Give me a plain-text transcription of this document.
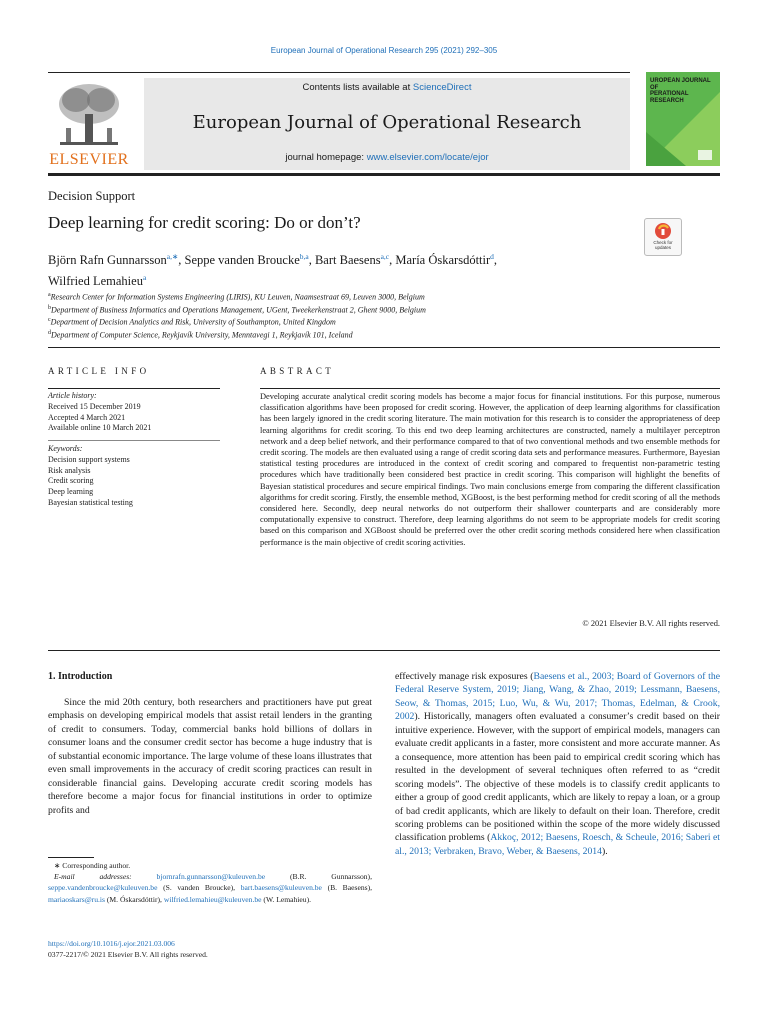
European Journal of Operational Research 295 (2021) 292–305
ELSEVIER
Contents lists available at ScienceDirect
European Journal of Operational Research
journal homepage: www.elsevier.com/locate/ejor
UROPEAN JOURNAL OF
PERATIONAL RESEARCH
Decision Support
Deep learning for credit scoring: Do or don’t?
Check for
updates
Björn Rafn Gunnarsson$^{a,∗}$, Seppe vanden Broucke$^{b,a}$, Bart Baesens$^{a,c}$, María Óskarsdóttir$^d$,
Wilfried Lemahieu$^a$
$^a$Research Center for Information Systems Engineering (LIRIS), KU Leuven, Naamsestraat 69, Leuven 3000, Belgium
$^b$Department of Business Informatics and Operations Management, UGent, Tweekerkenstraat 2, Ghent 9000, Belgium
$^c$Department of Decision Analytics and Risk, University of Southampton, United Kingdom
$^d$Department of Computer Science, Reykjavík University, Menntavegi 1, Reykjavík 101, Iceland
ARTICLE INFO	ABSTRACT
Article history:
Received 15 December 2019
Accepted 4 March 2021
Available online 10 March 2021
Keywords:
Decision support systems
Risk analysis
Credit scoring
Deep learning
Bayesian statistical testing
Developing accurate analytical credit scoring models has become a major focus for financial institutions. For this purpose, numerous classification algorithms have been proposed for credit scoring. However, the application of deep learning algorithms for classification has been largely ignored in the credit scoring literature. The main motivation for this research is to consider the appropriateness of deep learning algorithms for credit scoring. To this end two deep learning architectures are constructed, namely a multilayer perceptron network and a deep belief network, and their performance compared to that of two conventional methods and two ensemble methods for credit scoring. The models are then evaluated using a range of credit scoring data sets and performance measures. Furthermore, Bayesian statistical testing procedures are introduced in the context of credit scoring and compared to frequentist non-parametric testing procedures which have traditionally been considered best practice in credit scoring. This comparison will highlight the benefits of Bayesian statistical procedures and secure empirical findings. Two main conclusions emerge from comparing the different classification algorithms for credit scoring. Firstly, the ensemble method, XGBoost, is the best performing method for credit scoring of all the methods considered here. Secondly, deep neural networks do not outperform their shallower counterparts and are considerably more computationally expensive to construct. Therefore, deep learning algorithms do not seem to be appropriate models for credit scoring based on this comparison and XGBoost should be preferred over the other credit scoring methods considered here when classification performance is the main objective of credit scoring activities.
© 2021 Elsevier B.V. All rights reserved.
1. Introduction
Since the mid 20th century, both researchers and practitioners have put great emphasis on developing empirical models that assist retail lenders in the granting of credit to consumers. Today, commercial banks hold billions of dollars in consumer loans and the consumer credit sector has become a huge industry that is of substantial economic importance. The large volume of these loans illustrates that even small improvements in the accuracy of credit scoring practices can result in considerable financial gains. Developing accurate credit scoring models has therefore become a major focus for financial institutions in order to optimize profits and
effectively manage risk exposures (Baesens et al., 2003; Board of Governors of the Federal Reserve System, 2019; Jiang, Wang, & Zhao, 2019; Lessmann, Baesens, Seow, & Thomas, 2015; Luo, Wu, & Wu, 2017; Thomas, Edelman, & Crook, 2002). Historically, managers often evaluated a consumer’s credit based on their intuitive experience. However, with the support of empirical models, managers can evaluate credit applicants in a faster, more consistent and more accurate manner. As a consequence, more attention has been paid to empirical credit scoring which has resulted in the development of several techniques often referred to as “credit scoring models”. The objective of these models is to classify credit applicants to either a group of good credit applicants, which are likely to repay a loan, or a group of bad credit applicants, which are likely to default on their loan. Therefore, credit scoring problems can be positioned within the scope of the more widely discussed classification problems (Akkoç, 2012; Baesens, Roesch, & Scheule, 2016; Saberi et al., 2013; Verbraken, Bravo, Weber, & Baesens, 2014).
∗ Corresponding author.
E-mail addresses:	bjornrafn.gunnarsson@kuleuven.be (B.R. Gunnarsson), seppe.vandenbroucke@kuleuven.be (S. vanden Broucke), bart.baesens@kuleuven.be (B. Baesens), mariaoskars@ru.is (M. Óskarsdóttir), wilfried.lemahieu@kuleuven.be (W. Lemahieu).
https://doi.org/10.1016/j.ejor.2021.03.006
0377-2217/© 2021 Elsevier B.V. All rights reserved.
